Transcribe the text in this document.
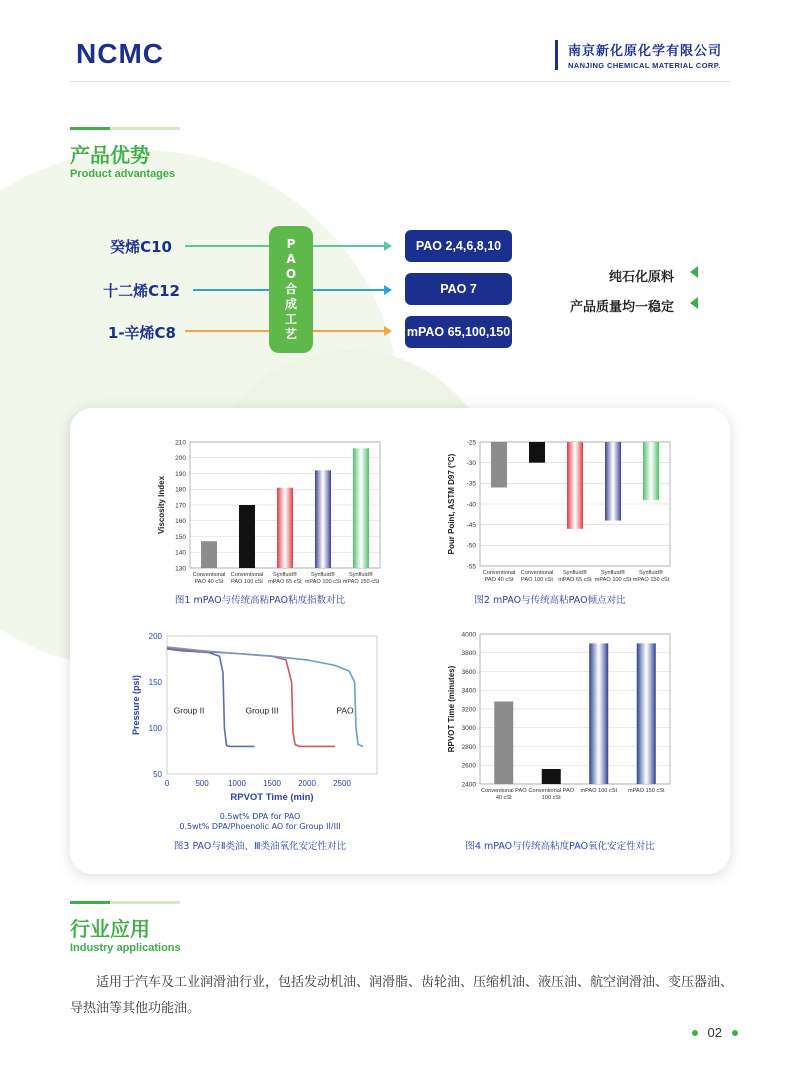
NCMC	南京新化原化学有限公司
NANJING CHEMICAL MATERIAL CORP.
产品优势
Product advantages
癸烯C10
十二烯C12
1-辛烯C8
P
A
O
合
成
工
艺
PAO 2,4,6,8,10
PAO 7
mPAO 65,100,150
纯石化原料
产品质量均一稳定
130
140
150
160
170
180
190
200
210
Viscosity Index
Conventional
PAO 40 cSt
Conventional
PAO 100 cSt
Synfluid®
mPAO 65 cSt
Synfluid®
mPAO 100 cSt
Synfluid®
mPAO 150 cSt
图1 mPAO与传统高粘PAO粘度指数对比
-25
-30
-35
-40
-45
-50
-55
Pour Point, ASTM D97 (°C)
Conventional
PAO 40 cSt
Conventional
PAO 100 cSt
Synfluid®
mPAO 65 cSt
Synfluid®
mPAO 100 cSt
Synfluid®
mPAO 150 cSt
图2 mPAO与传统高粘PAO倾点对比
50
100
150
200
0	500 1000 1500 2000 2500
Pressure (psi)
RPVOT Time (min)
Group II	Group III	PAO
0.5wt% DPA for PAO
0.5wt% DPA/Phoenolic AO for Group II/III
图3 PAO与Ⅱ类油、Ⅲ类油氧化安定性对比
2400
2600
2800
3000
3200
3400
3600
3800
4000
RPVOT Time (minutes)
Conventional PAO
40 cSt
Conventional PAO
100 cSt
mPAO 100 cSt mPAO 150 cSt
图4 mPAO与传统高粘度PAO氧化安定性对比
行业应用
Industry applications
适用于汽车及工业润滑油行业，包括发动机油、润滑脂、齿轮油、压缩机油、液压油、航空润滑油、变压器油、导热油等其他功能油。
02
